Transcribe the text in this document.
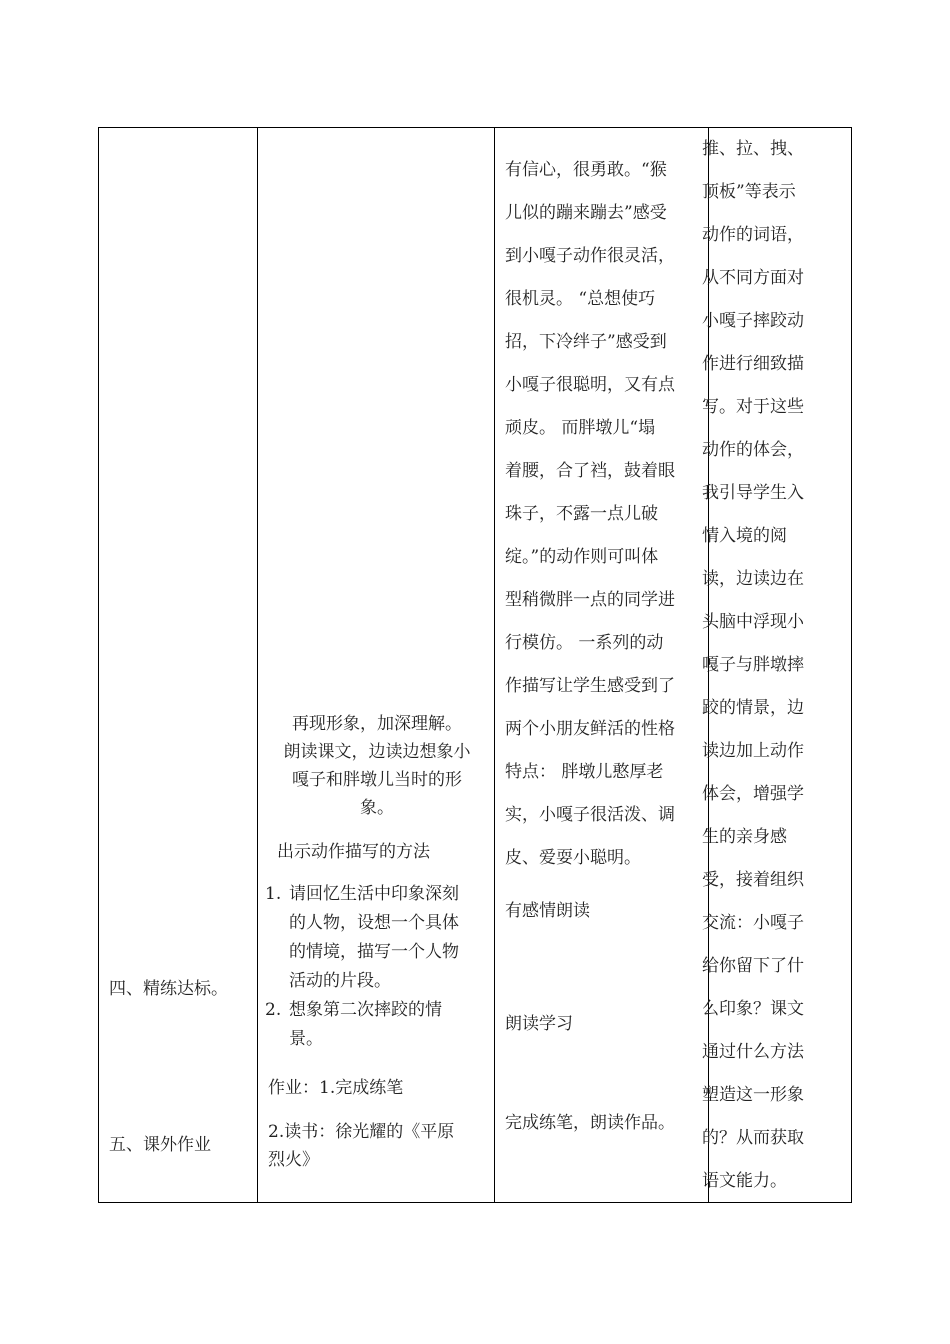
四、精练达标。
五、课外作业
再现形象，加深理解。
朗读课文，边读边想象小
嘎子和胖墩儿当时的形
象。
出示动作描写的方法
1. 请回忆生活中印象深刻
的人物，设想一个具体
的情境，描写一个人物
活动的片段。
2. 想象第二次摔跤的情
景。
作业：1.完成练笔
2.读书：徐光耀的《平原
烈火》
有信心，很勇敢。“猴
儿似的蹦来蹦去”感受
到小嘎子动作很灵活，
很机灵。 “总想使巧
招，下冷绊子”感受到
小嘎子很聪明，又有点
顽皮。 而胖墩儿“塌
着腰，合了裆，鼓着眼
珠子，不露一点儿破
绽。”的动作则可叫体
型稍微胖一点的同学进
行模仿。 一系列的动
作描写让学生感受到了
两个小朋友鲜活的性格
特点： 胖墩儿憨厚老
实，小嘎子很活泼、调
皮、爱耍小聪明。
有感情朗读
朗读学习
完成练笔，朗读作品。
推、拉、拽、
顶板”等表示
动作的词语，
从不同方面对
小嘎子摔跤动
作进行细致描
写。对于这些
动作的体会，
我引导学生入
情入境的阅
读，边读边在
头脑中浮现小
嘎子与胖墩摔
跤的情景，边
读边加上动作
体会，增强学
生的亲身感
受，接着组织
交流：小嘎子
给你留下了什
么印象？课文
通过什么方法
塑造这一形象
的？从而获取
语文能力。
